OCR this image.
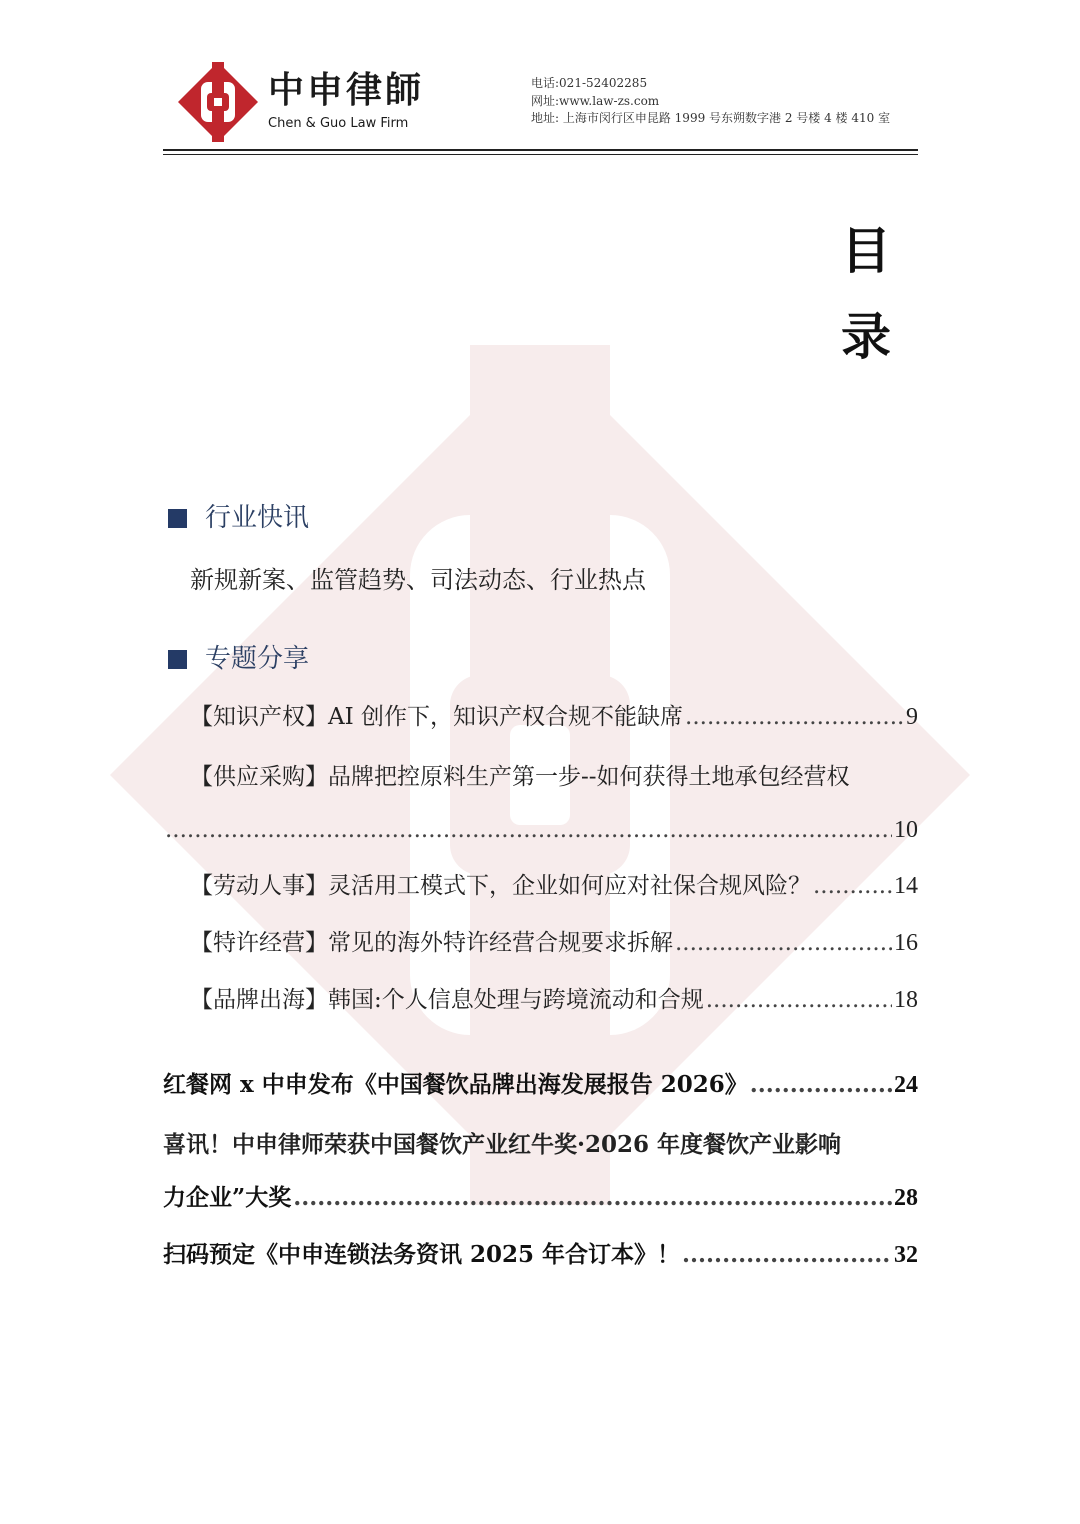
中申律師
Chen & Guo Law Firm
电话:021-52402285
网址:www.law-zs.com
地址: 上海市闵行区申昆路 1999 号东朔数字港 2 号楼 4 楼 410 室
目
录
行业快讯
新规新案、监管趋势、司法动态、行业热点
专题分享
【知识产权】AI 创作下，知识产权合规不能缺席 .....	9
【供应采购】品牌把控原料生产第一步--如何获得土地承包经营权
.....
10
【劳动人事】灵活用工模式下，企业如何应对社保合规风险？ .....	14
【特许经营】常见的海外特许经营合规要求拆解 .....	16
【品牌出海】韩国:个人信息处理与跨境流动和合规 .....	18
红餐网 x 中申发布《中国餐饮品牌出海发展报告 2026》 .....	24
喜讯！中申律师荣获中国餐饮产业红牛奖·2026 年度餐饮产业影响
力企业”大奖 .....	28
扫码预定《中申连锁法务资讯 2025 年合订本》！ .....	32
